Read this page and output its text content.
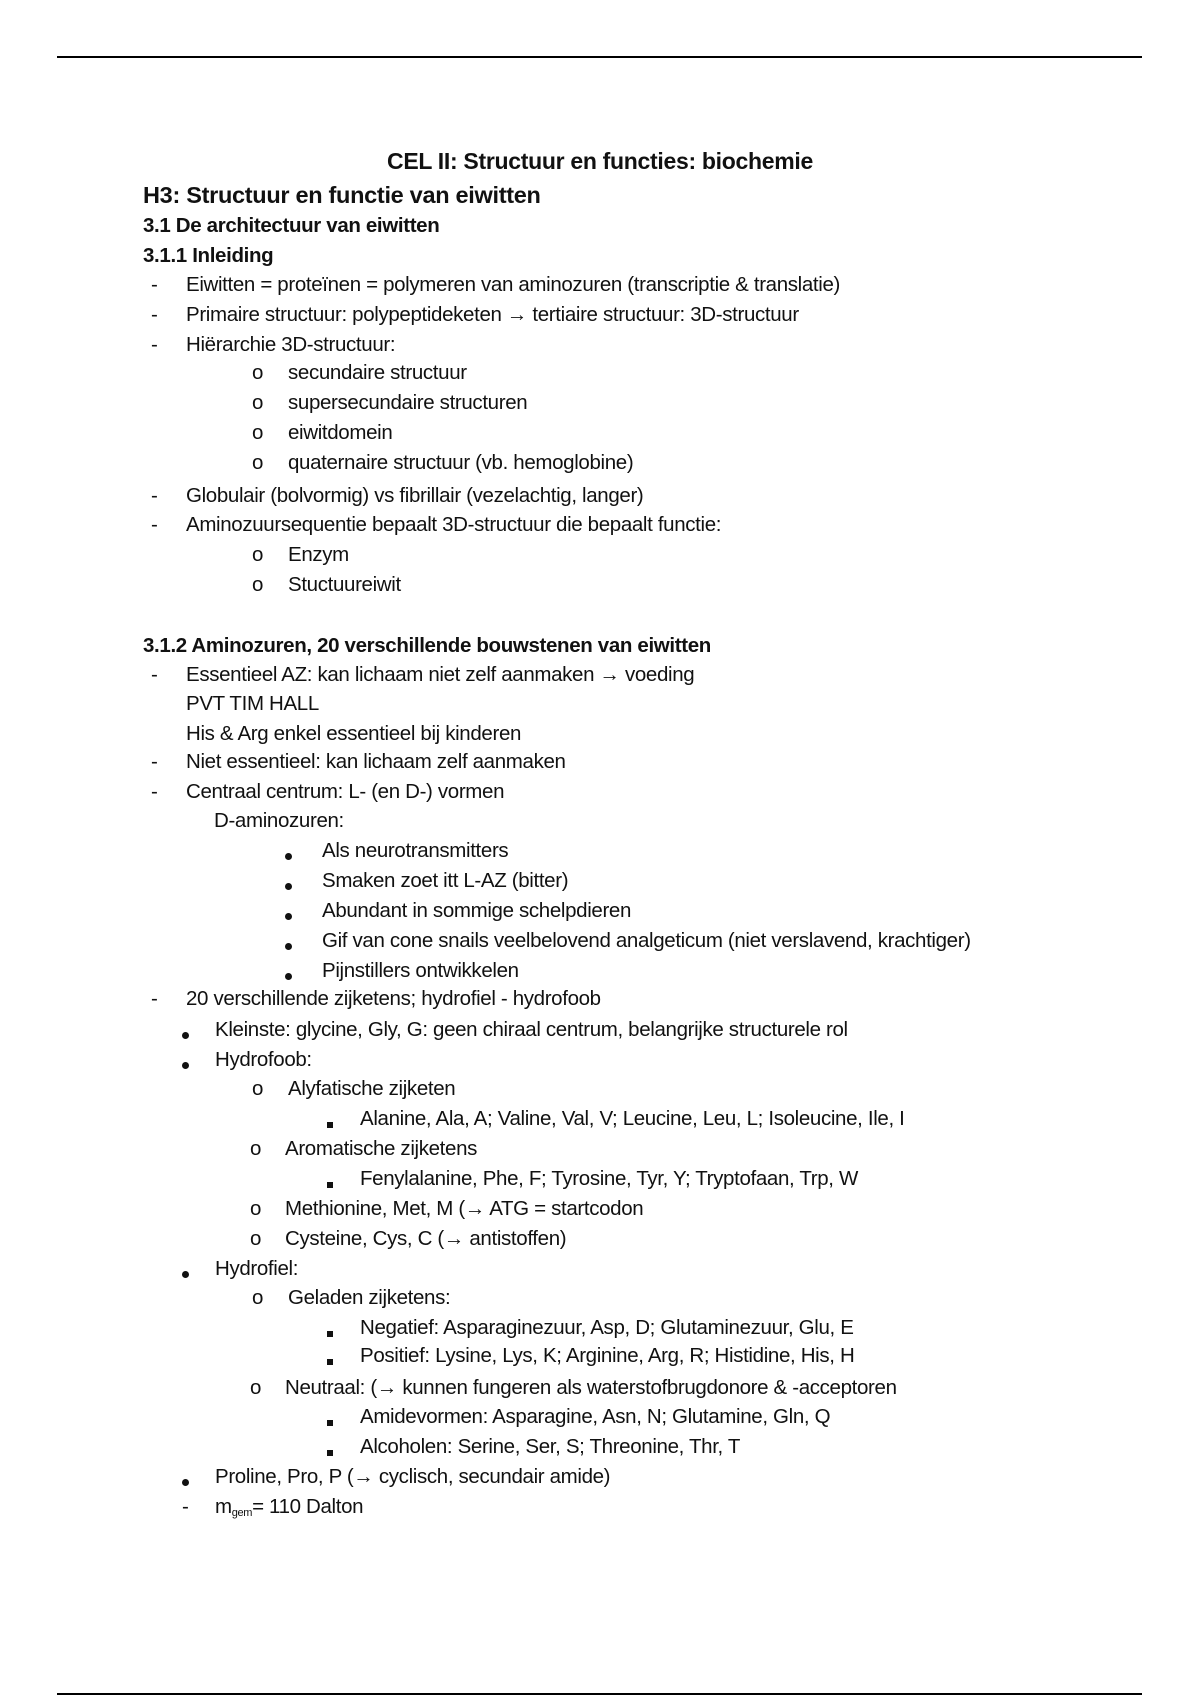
CEL II: Structuur en functies: biochemie
H3: Structuur en functie van eiwitten
3.1 De architectuur van eiwitten
3.1.1 Inleiding
- Eiwitten = proteïnen = polymeren van aminozuren (transcriptie & translatie)
- Primaire structuur: polypeptideketen → tertiaire structuur: 3D-structuur
- Hiërarchie 3D-structuur:
o secundaire structuur
o supersecundaire structuren
o eiwitdomein
o quaternaire structuur (vb. hemoglobine)
- Globulair (bolvormig) vs fibrillair (vezelachtig, langer)
- Aminozuursequentie bepaalt 3D-structuur die bepaalt functie:
o Enzym
o Stuctuureiwit
3.1.2 Aminozuren, 20 verschillende bouwstenen van eiwitten
- Essentieel AZ: kan lichaam niet zelf aanmaken → voeding
PVT TIM HALL
His & Arg enkel essentieel bij kinderen
- Niet essentieel: kan lichaam zelf aanmaken
- Centraal centrum: L- (en D-) vormen
D-aminozuren:
Als neurotransmitters
Smaken zoet itt L-AZ (bitter)
Abundant in sommige schelpdieren
Gif van cone snails veelbelovend analgeticum (niet verslavend, krachtiger)
Pijnstillers ontwikkelen
- 20 verschillende zijketens; hydrofiel - hydrofoob
Kleinste: glycine, Gly, G: geen chiraal centrum, belangrijke structurele rol
Hydrofoob:
o Alyfatische zijketen
Alanine, Ala, A; Valine, Val, V; Leucine, Leu, L; Isoleucine, Ile, I
o Aromatische zijketens
Fenylalanine, Phe, F; Tyrosine, Tyr, Y; Tryptofaan, Trp, W
o Methionine, Met, M (→ ATG = startcodon
o Cysteine, Cys, C (→ antistoffen)
Hydrofiel:
o Geladen zijketens:
Negatief: Asparaginezuur, Asp, D; Glutaminezuur, Glu, E
Positief: Lysine, Lys, K; Arginine, Arg, R; Histidine, His, H
o Neutraal: (→ kunnen fungeren als waterstofbrugdonore & -acceptoren
Amidevormen: Asparagine, Asn, N; Glutamine, Gln, Q
Alcoholen: Serine, Ser, S; Threonine, Thr, T
Proline, Pro, P (→ cyclisch, secundair amide)
- $m_{gem}= 110$ Dalton
